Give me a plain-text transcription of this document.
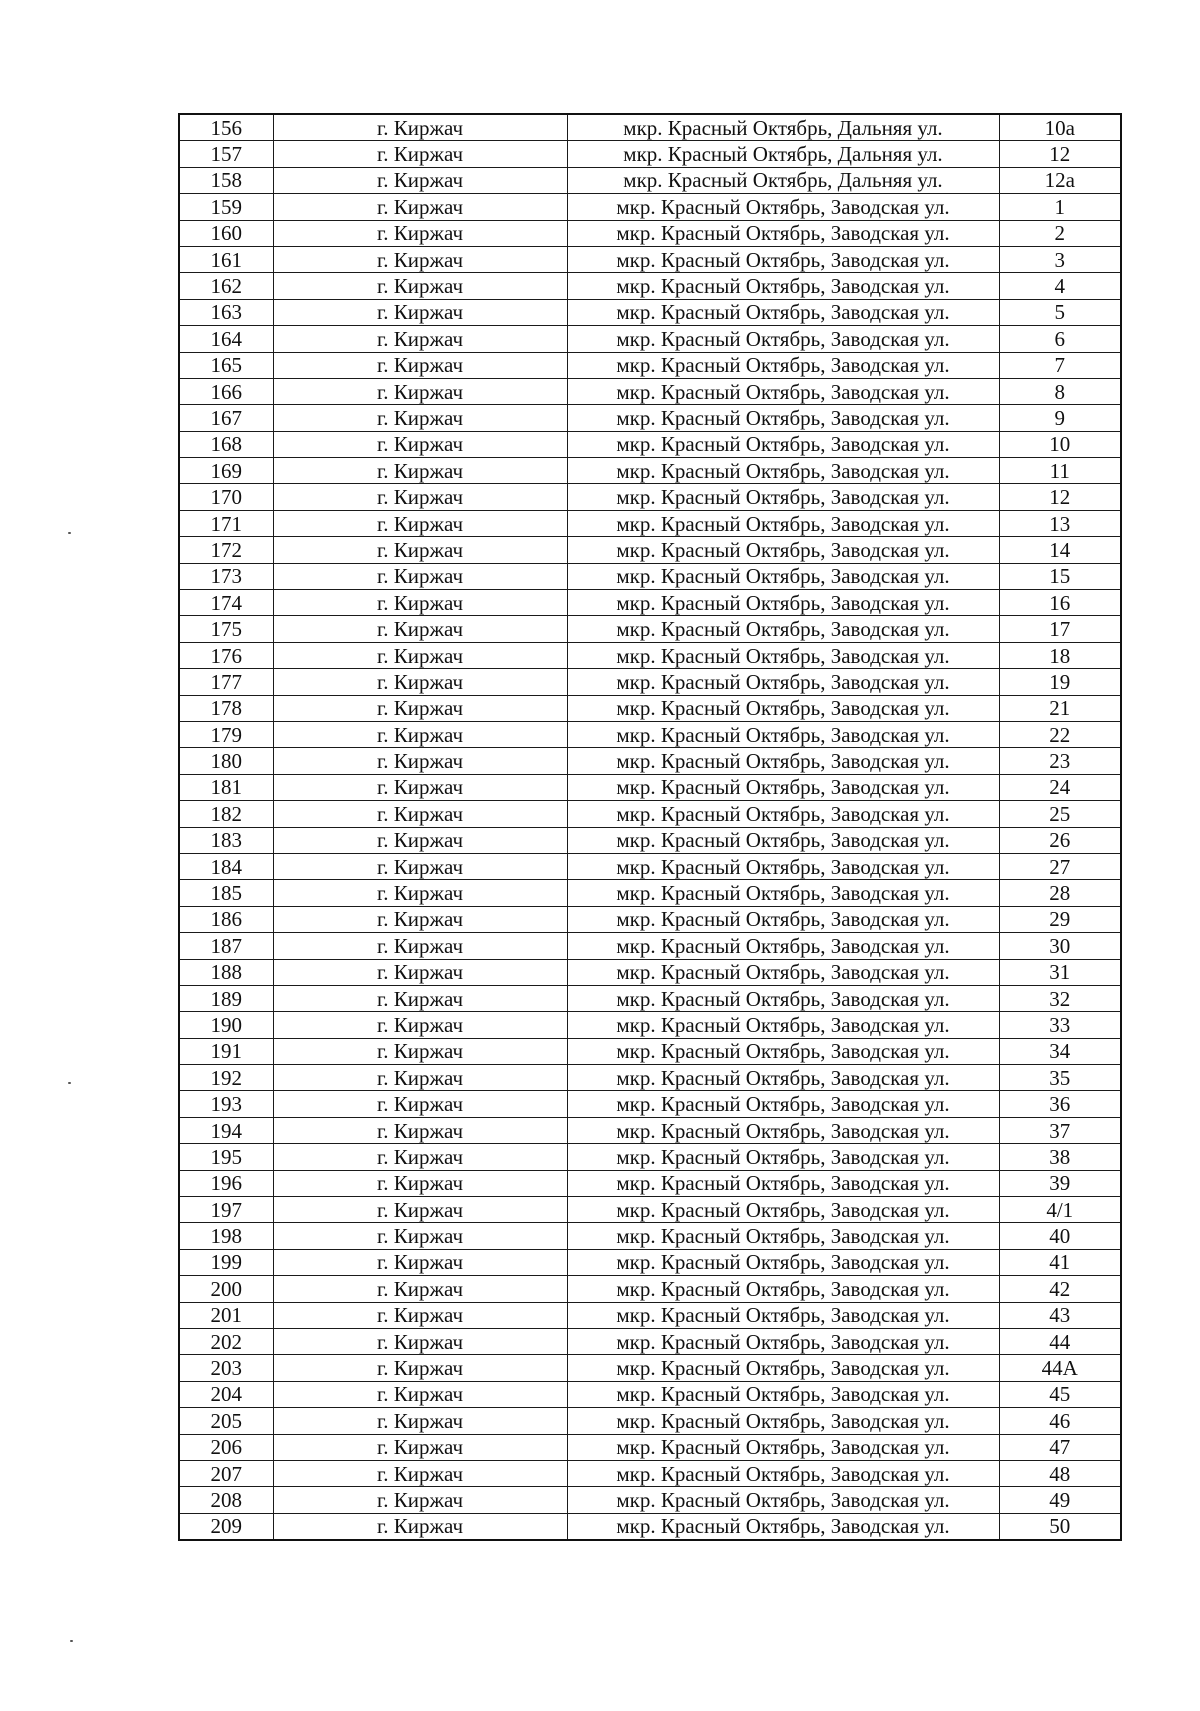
156	г. Киржач	мкр. Красный Октябрь, Дальняя ул.	10а
157	г. Киржач	мкр. Красный Октябрь, Дальняя ул.	12
158	г. Киржач	мкр. Красный Октябрь, Дальняя ул.	12а
159	г. Киржач	мкр. Красный Октябрь, Заводская ул.	1
160	г. Киржач	мкр. Красный Октябрь, Заводская ул.	2
161	г. Киржач	мкр. Красный Октябрь, Заводская ул.	3
162	г. Киржач	мкр. Красный Октябрь, Заводская ул.	4
163	г. Киржач	мкр. Красный Октябрь, Заводская ул.	5
164	г. Киржач	мкр. Красный Октябрь, Заводская ул.	6
165	г. Киржач	мкр. Красный Октябрь, Заводская ул.	7
166	г. Киржач	мкр. Красный Октябрь, Заводская ул.	8
167	г. Киржач	мкр. Красный Октябрь, Заводская ул.	9
168	г. Киржач	мкр. Красный Октябрь, Заводская ул.	10
169	г. Киржач	мкр. Красный Октябрь, Заводская ул.	11
170	г. Киржач	мкр. Красный Октябрь, Заводская ул.	12
171	г. Киржач	мкр. Красный Октябрь, Заводская ул.	13
172	г. Киржач	мкр. Красный Октябрь, Заводская ул.	14
173	г. Киржач	мкр. Красный Октябрь, Заводская ул.	15
174	г. Киржач	мкр. Красный Октябрь, Заводская ул.	16
175	г. Киржач	мкр. Красный Октябрь, Заводская ул.	17
176	г. Киржач	мкр. Красный Октябрь, Заводская ул.	18
177	г. Киржач	мкр. Красный Октябрь, Заводская ул.	19
178	г. Киржач	мкр. Красный Октябрь, Заводская ул.	21
179	г. Киржач	мкр. Красный Октябрь, Заводская ул.	22
180	г. Киржач	мкр. Красный Октябрь, Заводская ул.	23
181	г. Киржач	мкр. Красный Октябрь, Заводская ул.	24
182	г. Киржач	мкр. Красный Октябрь, Заводская ул.	25
183	г. Киржач	мкр. Красный Октябрь, Заводская ул.	26
184	г. Киржач	мкр. Красный Октябрь, Заводская ул.	27
185	г. Киржач	мкр. Красный Октябрь, Заводская ул.	28
186	г. Киржач	мкр. Красный Октябрь, Заводская ул.	29
187	г. Киржач	мкр. Красный Октябрь, Заводская ул.	30
188	г. Киржач	мкр. Красный Октябрь, Заводская ул.	31
189	г. Киржач	мкр. Красный Октябрь, Заводская ул.	32
190	г. Киржач	мкр. Красный Октябрь, Заводская ул.	33
191	г. Киржач	мкр. Красный Октябрь, Заводская ул.	34
192	г. Киржач	мкр. Красный Октябрь, Заводская ул.	35
193	г. Киржач	мкр. Красный Октябрь, Заводская ул.	36
194	г. Киржач	мкр. Красный Октябрь, Заводская ул.	37
195	г. Киржач	мкр. Красный Октябрь, Заводская ул.	38
196	г. Киржач	мкр. Красный Октябрь, Заводская ул.	39
197	г. Киржач	мкр. Красный Октябрь, Заводская ул.	4/1
198	г. Киржач	мкр. Красный Октябрь, Заводская ул.	40
199	г. Киржач	мкр. Красный Октябрь, Заводская ул.	41
200	г. Киржач	мкр. Красный Октябрь, Заводская ул.	42
201	г. Киржач	мкр. Красный Октябрь, Заводская ул.	43
202	г. Киржач	мкр. Красный Октябрь, Заводская ул.	44
203	г. Киржач	мкр. Красный Октябрь, Заводская ул.	44А
204	г. Киржач	мкр. Красный Октябрь, Заводская ул.	45
205	г. Киржач	мкр. Красный Октябрь, Заводская ул.	46
206	г. Киржач	мкр. Красный Октябрь, Заводская ул.	47
207	г. Киржач	мкр. Красный Октябрь, Заводская ул.	48
208	г. Киржач	мкр. Красный Октябрь, Заводская ул.	49
209	г. Киржач	мкр. Красный Октябрь, Заводская ул.	50
